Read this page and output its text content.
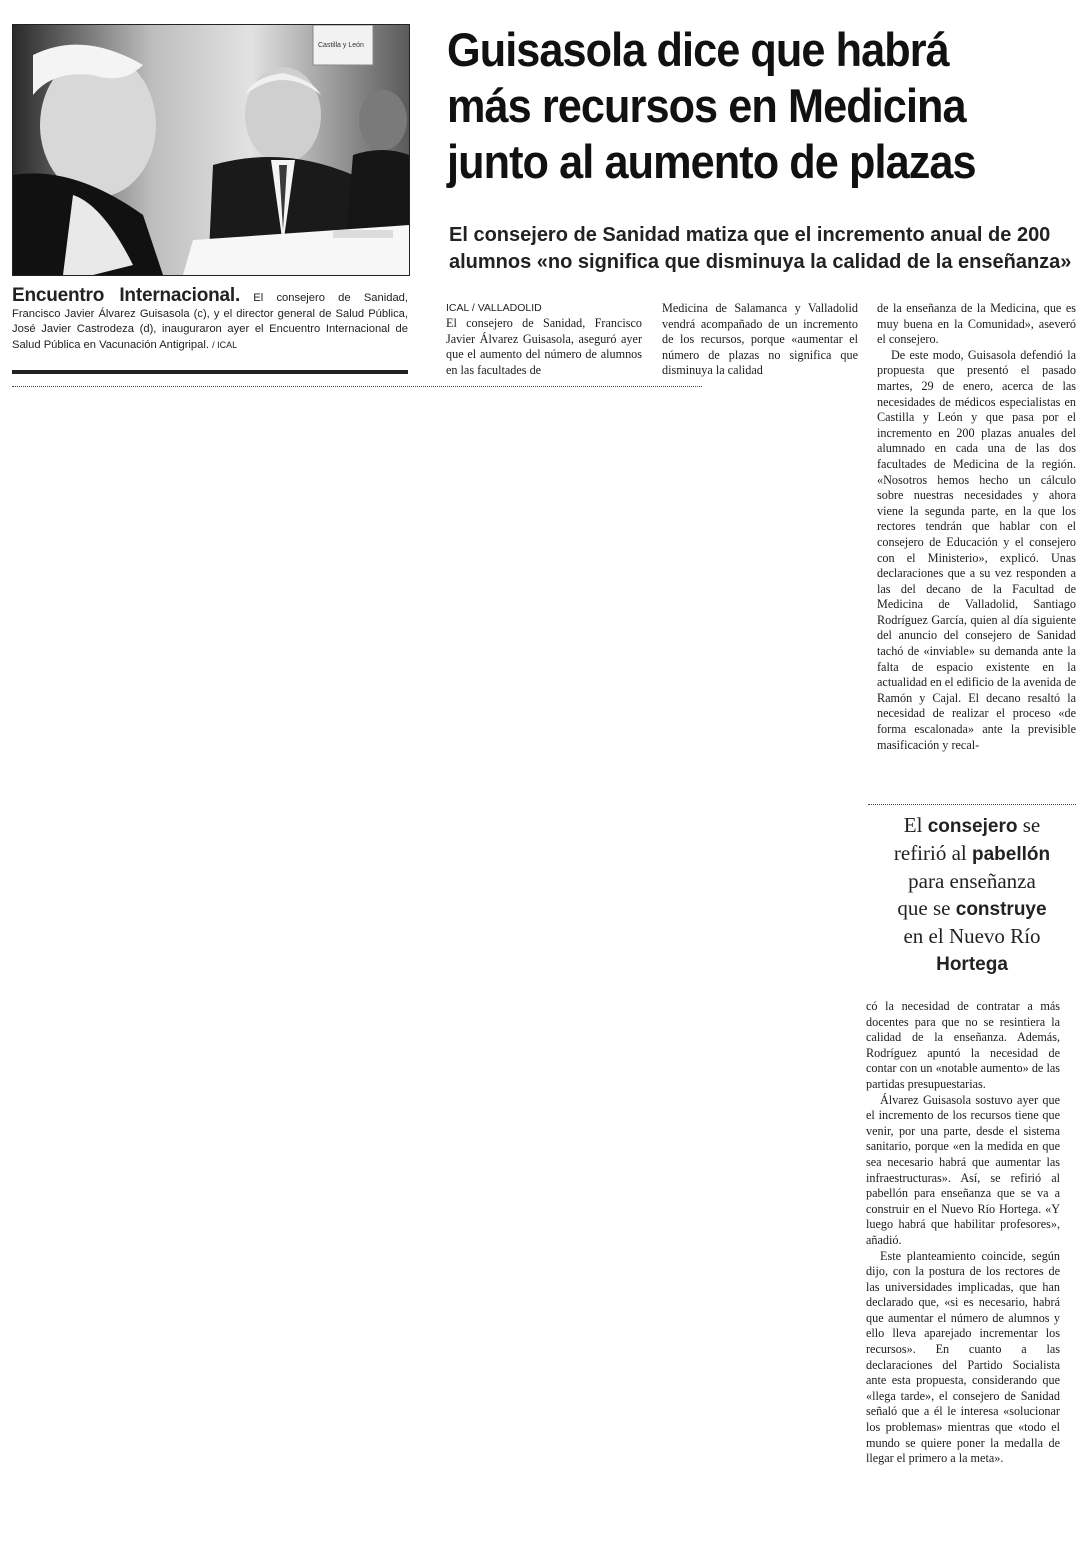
Castilla y León Guisasola dice que habrá
más recursos en Medicina
junto al aumento de plazas
El consejero de Sanidad matiza que el incremento anual de 200
alumnos «no significa que disminuya la calidad de la enseñanza»
Encuentro Internacional. El consejero de Sanidad, Francisco Javier Álvarez Guisasola (c), y el director general de Salud Pública, José Javier Castrodeza (d), inauguraron ayer el Encuentro Internacional de Salud Pública en Vacunación Antigripal. / ICAL
ICAL / VALLADOLID

El consejero de Sanidad, Francisco Javier Álvarez Guisasola, aseguró ayer que el aumento del número de alumnos en las facultades de

Medicina de Salamanca y Valladolid vendrá acompañado de un incremento de los recursos, porque «aumentar el número de plazas no significa que disminuya la calidad

de la enseñanza de la Medicina, que es muy buena en la Comunidad», aseveró el consejero.

De este modo, Guisasola defendió la propuesta que presentó el pasado martes, 29 de enero, acerca de las necesidades de médicos especialistas en Castilla y León y que pasa por el incremento en 200 plazas anuales del alumnado en cada una de las dos facultades de Medicina de la región. «Nosotros hemos hecho un cálculo sobre nuestras necesidades y ahora viene la segunda parte, en la que los rectores tendrán que hablar con el consejero de Educación y el consejero con el Ministerio», explicó. Unas declaraciones que a su vez responden a las del decano de la Facultad de Medicina de Valladolid, Santiago Rodríguez García, quien al día siguiente del anuncio del consejero de Sanidad tachó de «inviable» su demanda ante la falta de espacio existente en la actualidad en el edificio de la avenida de Ramón y Cajal. El decano resaltó la necesidad de realizar el proceso «de forma escalonada» ante la previsible masificación y recal-

El consejero se
refirió al pabellón
para enseñanza
que se construye
en el Nuevo Río
Hortega

có la necesidad de contratar a más docentes para que no se resintiera la calidad de la enseñanza. Además, Rodríguez apuntó la necesidad de contar con un «notable aumento» de las partidas presupuestarias.

Álvarez Guisasola sostuvo ayer que el incremento de los recursos tiene que venir, por una parte, desde el sistema sanitario, porque «en la medida en que sea necesario habrá que aumentar las infraestructuras». Así, se refirió al pabellón para enseñanza que se va a construir en el Nuevo Río Hortega. «Y luego habrá que habilitar profesores», añadió.

Este planteamiento coincide, según dijo, con la postura de los rectores de las universidades implicadas, que han declarado que, «si es necesario, habrá que aumentar el número de alumnos y ello lleva aparejado incrementar los recursos». En cuanto a las declaraciones del Partido Socialista ante esta propuesta, considerando que «llega tarde», el consejero de Sanidad señaló que a él le interesa «solucionar los problemas» mientras que «todo el mundo se quiere poner la medalla de llegar el primero a la meta».
